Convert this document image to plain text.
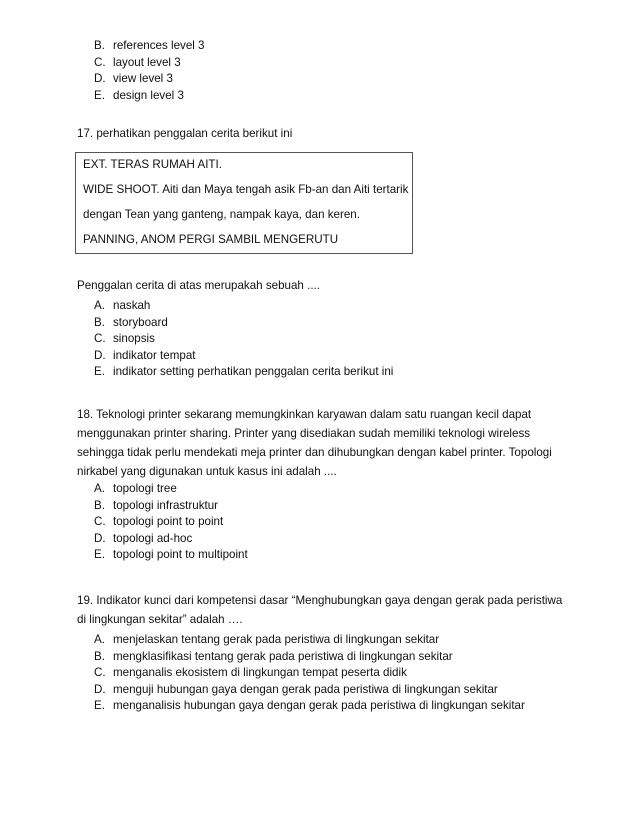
B. references level 3
C. layout level 3
D. view level 3
E. design level 3

17. perhatikan penggalan cerita berikut ini

EXT. TERAS RUMAH AITI.
WIDE SHOOT. Aiti dan Maya tengah asik Fb-an dan Aiti tertarik
dengan Tean yang ganteng, nampak kaya, dan keren.
PANNING, ANOM PERGI SAMBIL MENGERUTU

Penggalan cerita di atas merupakah sebuah ....

A. naskah
B. storyboard
C. sinopsis
D. indikator tempat
E. indikator setting perhatikan penggalan cerita berikut ini
18. Teknologi printer sekarang memungkinkan karyawan dalam satu ruangan kecil dapat
menggunakan printer sharing. Printer yang disediakan sudah memiliki teknologi wireless
sehingga tidak perlu mendekati meja printer dan dihubungkan dengan kabel printer. Topologi
nirkabel yang digunakan untuk kasus ini adalah ....
A. topologi tree
B. topologi infrastruktur
C. topologi point to point
D. topologi ad-hoc
E. topologi point to multipoint
19. Indikator kunci dari kompetensi dasar “Menghubungkan gaya dengan gerak pada peristiwa
di lingkungan sekitar” adalah ….
A. menjelaskan tentang gerak pada peristiwa di lingkungan sekitar
B. mengklasifikasi tentang gerak pada peristiwa di lingkungan sekitar
C. menganalis ekosistem di lingkungan tempat peserta didik
D. menguji hubungan gaya dengan gerak pada peristiwa di lingkungan sekitar
E. menganalisis hubungan gaya dengan gerak pada peristiwa di lingkungan sekitar
